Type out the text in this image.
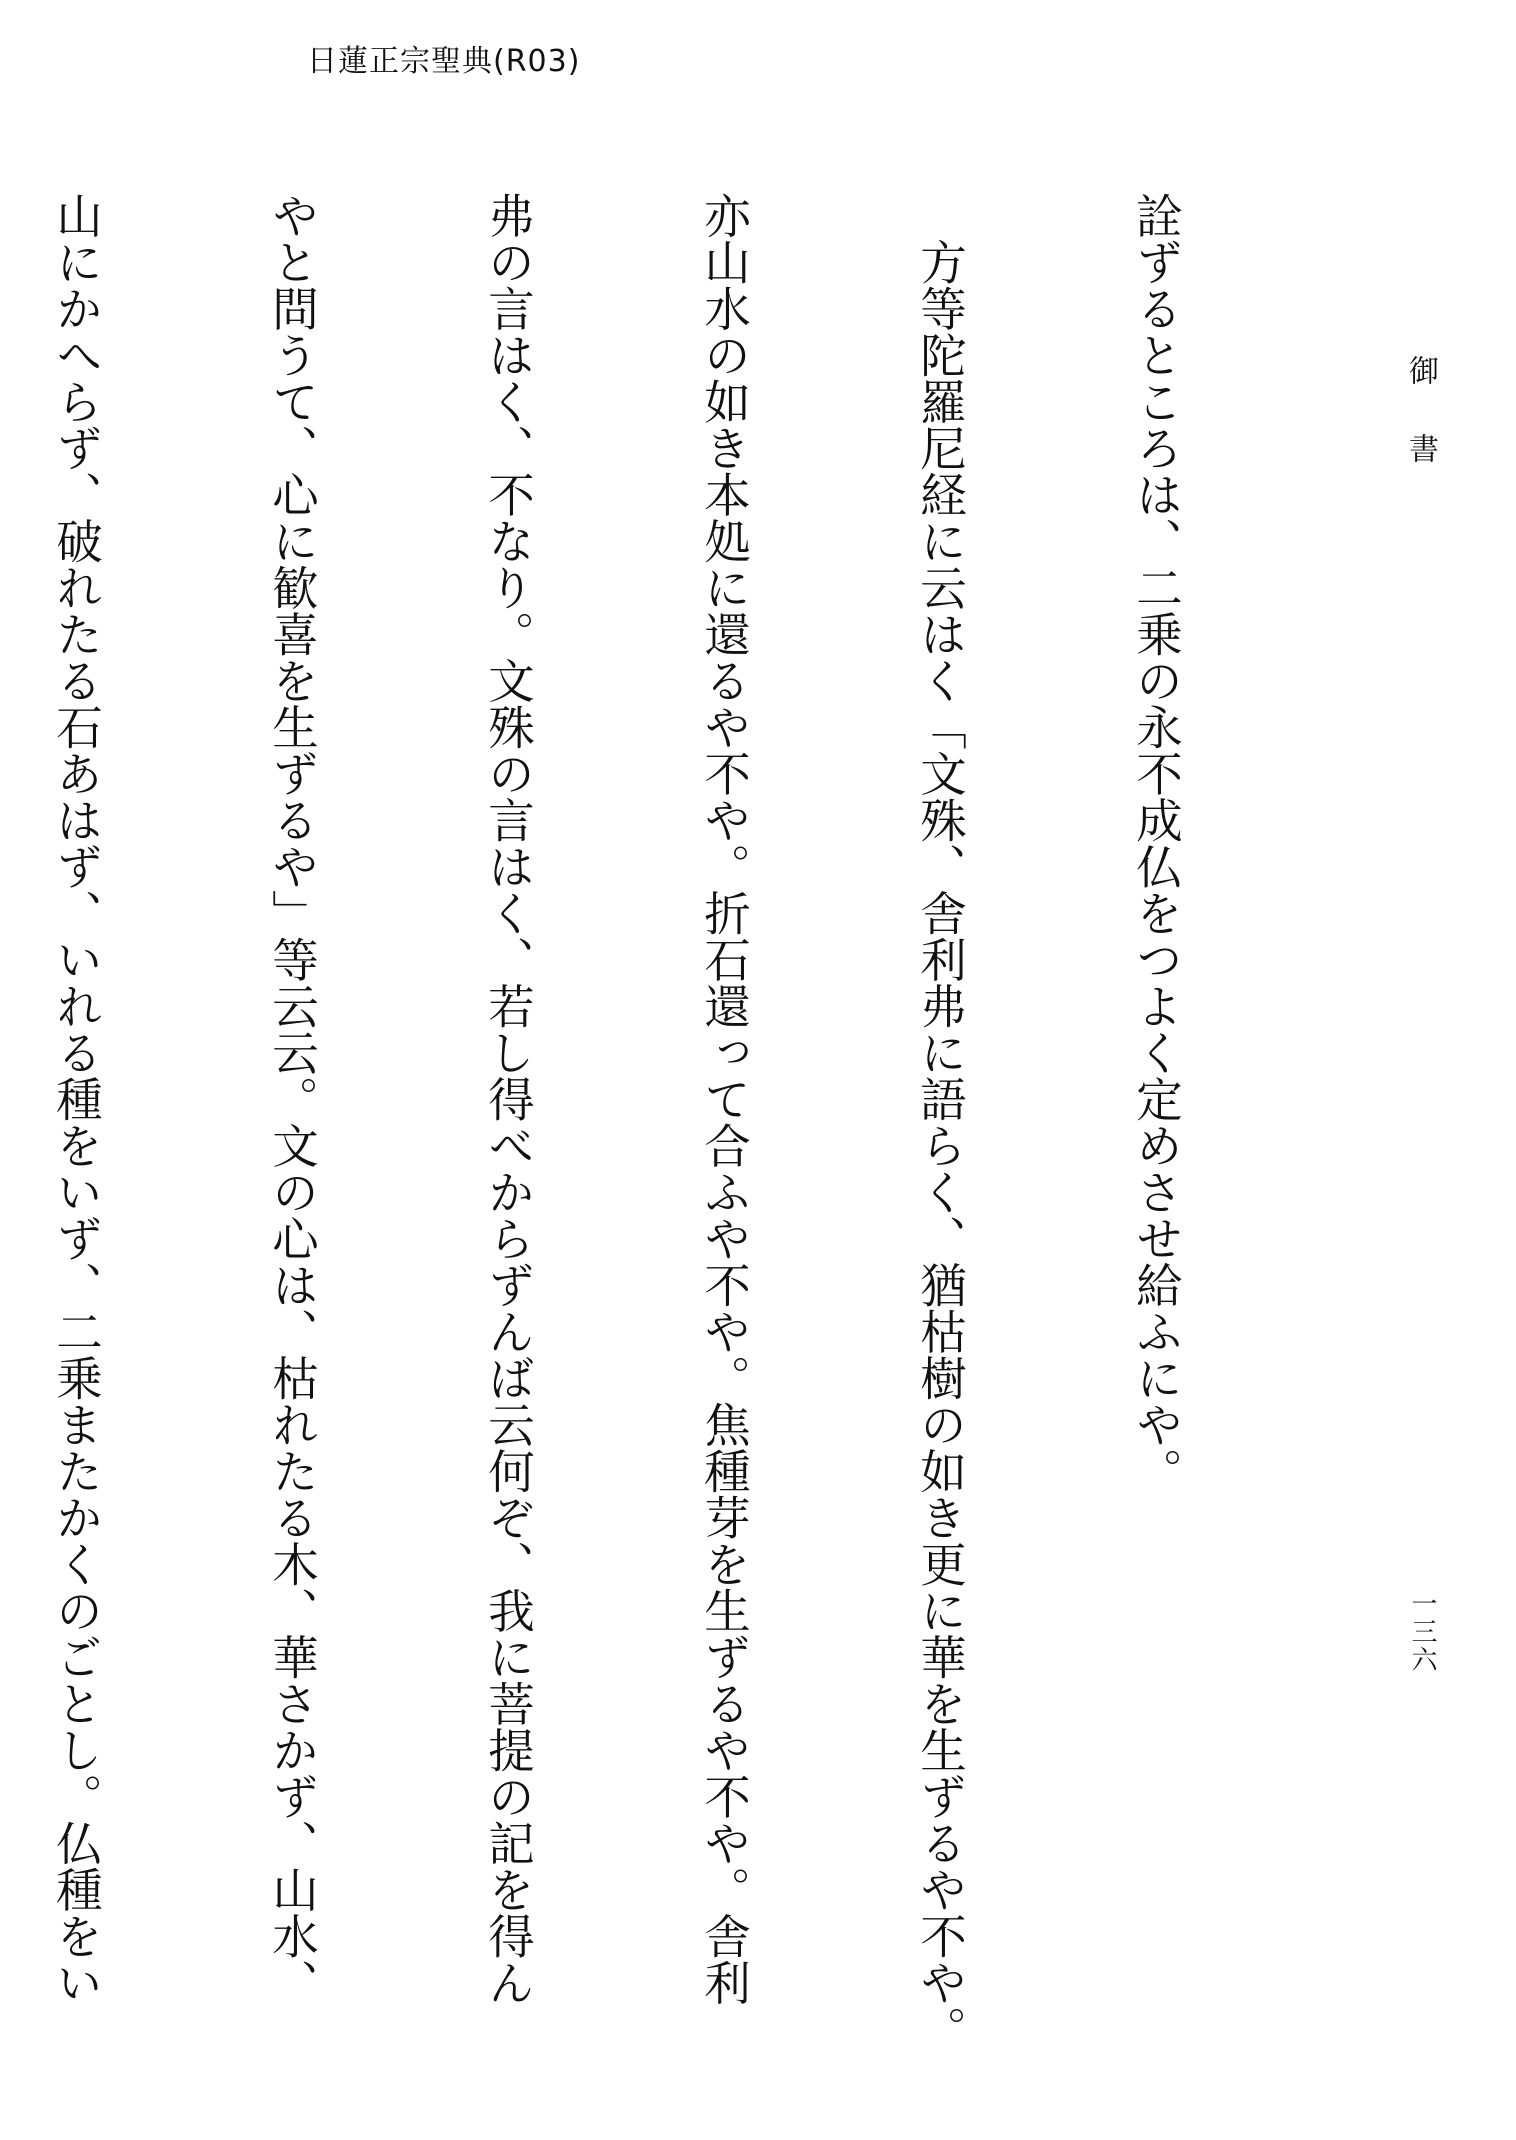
日蓮正宗聖典(R03)
御書
一三六

詮ずるところは、二乗の永不成仏をつよく定めさせ給ふにや。

　方等陀羅尼経に云はく「文殊、舎利弗に語らく、猶枯樹の如き更に華を生ずるや不や。

亦山水の如き本処に還るや不や。折石還って合ふや不や。焦種芽を生ずるや不や。舎利

弗の言はく、不なり。文殊の言はく、若し得べからずんば云何ぞ、我に菩提の記を得ん

やと問うて、心に歓喜を生ずるや」等云云。文の心は、枯れたる木、華さかず、山水、

山にかへらず、破れたる石あはず、いれる種をいず、二乗またかくのごとし。仏種をい
